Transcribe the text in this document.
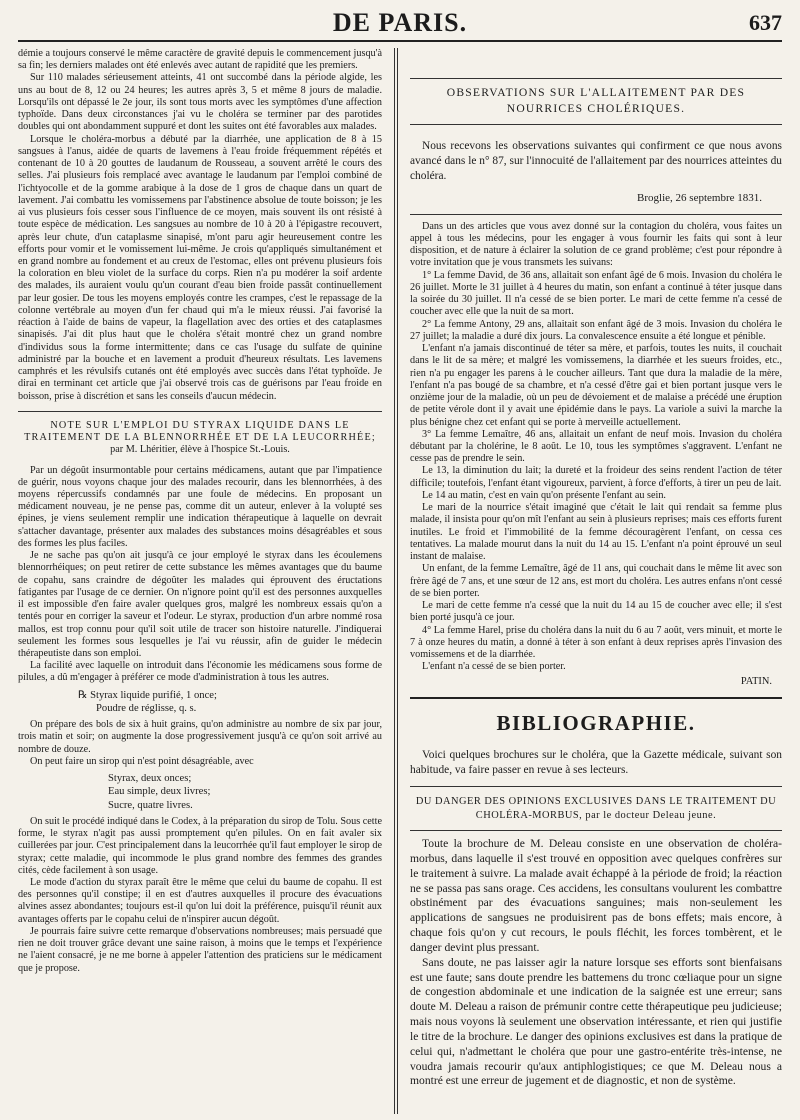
DE PARIS.	637

démie a toujours conservé le même caractère de gravité depuis le commencement jusqu'à sa fin; les derniers malades ont été enlevés avec autant de rapidité que les premiers.

Sur 110 malades sérieusement atteints, 41 ont succombé dans la période algide, les uns au bout de 8, 12 ou 24 heures; les autres après 3, 5 et même 8 jours de maladie. Lorsqu'ils ont dépassé le 2e jour, ils sont tous morts avec les symptômes d'une affection typhoïde. Dans deux circonstances j'ai vu le choléra se terminer par des parotides doubles qui ont abondamment suppuré et dont les suites ont été favorables aux malades.

Lorsque le choléra-morbus a débuté par la diarrhée, une application de 8 à 15 sangsues à l'anus, aidée de quarts de lavemens à l'eau froide fréquemment répétés et contenant de 10 à 20 gouttes de laudanum de Rousseau, a souvent arrêté le cours des selles. J'ai plusieurs fois remplacé avec avantage le laudanum par l'emploi combiné de l'ichtyocolle et de la gomme arabique à la dose de 1 gros de chaque dans un quart de lavement. J'ai combattu les vomissemens par l'abstinence absolue de toute boisson; je les ai vus plusieurs fois cesser sous l'influence de ce moyen, mais souvent ils ont résisté à toute espèce de médication. Les sangsues au nombre de 10 à 20 à l'épigastre recouvert, après leur chute, d'un cataplasme sinapisé, m'ont paru agir heureusement contre les efforts pour vomir et le vomissement lui-même. Je crois qu'appliqués simultanément et en grand nombre au fondement et au creux de l'estomac, elles ont prévenu plusieurs fois la coloration en bleu violet de la surface du corps. Rien n'a pu modérer la soif ardente des malades, ils auraient voulu qu'un courant d'eau bien froide passât continuellement par leur gosier. De tous les moyens employés contre les crampes, c'est le repassage de la colonne vertébrale au moyen d'un fer chaud qui m'a le mieux réussi. J'ai favorisé la réaction à l'aide de bains de vapeur, la flagellation avec des orties et des cataplasmes sinapisés. J'ai dit plus haut que le choléra s'était montré chez un grand nombre d'individus sous la forme intermittente; dans ce cas l'usage du sulfate de quinine administré par la bouche et en lavement a produit d'heureux résultats. Les lavemens camphrés et les révulsifs cutanés ont été employés avec succès dans l'état typhoïde. Je dirai en terminant cet article que j'ai observé trois cas de guérisons par l'eau froide en boisson, prise à discrétion et sans les conseils d'aucun médecin.

NOTE SUR L'EMPLOI DU STYRAX LIQUIDE DANS LE TRAITEMENT DE LA BLENNORRHÉE ET DE LA LEUCORRHÉE;

par M. Lhéritier, élève à l'hospice St.-Louis.

Par un dégoût insurmontable pour certains médicamens, autant que par l'impatience de guérir, nous voyons chaque jour des malades recourir, dans les blennorrhées, à des moyens répercussifs condamnés par une foule de médecins. En proposant un médicament nouveau, je ne pense pas, comme dit un auteur, enlever à la volupté ses épines, je viens seulement remplir une indication thérapeutique à laquelle on devrait s'attacher davantage, présenter aux malades des substances moins désagréables et sous des formes les plus faciles.

Je ne sache pas qu'on ait jusqu'à ce jour employé le styrax dans les écoulemens blennorrhéiques; on peut retirer de cette substance les mêmes avantages que du baume de copahu, sans craindre de dégoûter les malades qui éprouvent des éructations fatigantes par l'usage de ce dernier. On n'ignore point qu'il est des personnes auxquelles il est impossible d'en faire avaler quelques gros, malgré les nombreux essais qu'on a tentés pour en corriger la saveur et l'odeur. Le styrax, production d'un arbre nommé rosa mallos, est trop connu pour qu'il soit utile de tracer son histoire naturelle. J'indiquerai seulement les formes sous lesquelles je l'ai vu réussir, afin de guider le médecin thérapeutiste dans son emploi.

La facilité avec laquelle on introduit dans l'économie les médicamens sous forme de pilules, a dû m'engager à préférer ce mode d'administration à tous les autres.

℞ Styrax liquide purifié, 1 once;
Poudre de réglisse, q. s.

On prépare des bols de six à huit grains, qu'on administre au nombre de six par jour, trois matin et soir; on augmente la dose progressivement jusqu'à ce qu'on soit arrivé au nombre de douze.

On peut faire un sirop qui n'est point désagréable, avec

Styrax, deux onces;
Eau simple, deux livres;
Sucre, quatre livres.

On suit le procédé indiqué dans le Codex, à la préparation du sirop de Tolu. Sous cette forme, le styrax n'agit pas aussi promptement qu'en pilules. On en fait avaler six cuillerées par jour. C'est principalement dans la leucorrhée qu'il faut employer le sirop de styrax; cette maladie, qui incommode le plus grand nombre des femmes des grandes cités, cède facilement à son usage.

Le mode d'action du styrax paraît être le même que celui du baume de copahu. Il est des personnes qu'il constipe; il en est d'autres auxquelles il procure des évacuations alvines assez abondantes; toujours est-il qu'on lui doit la préférence, puisqu'il réunit aux avantages offerts par le copahu celui de n'inspirer aucun dégoût.

Je pourrais faire suivre cette remarque d'observations nombreuses; mais persuadé que rien ne doit trouver grâce devant une saine raison, à moins que le temps et l'expérience ne l'aient consacré, je ne me borne à appeler l'attention des praticiens sur le médicament que je propose.

OBSERVATIONS SUR L'ALLAITEMENT PAR DES NOURRICES CHOLÉRIQUES.

Nous recevons les observations suivantes qui confirment ce que nous avons avancé dans le n° 87, sur l'innocuité de l'allaitement par des nourrices atteintes du choléra.

Broglie, 26 septembre 1831.

Dans un des articles que vous avez donné sur la contagion du choléra, vous faites un appel à tous les médecins, pour les engager à vous fournir les faits qui sont à leur disposition, et de nature à éclairer la solution de ce grand problème; c'est pour répondre à votre invitation que je vous transmets les suivans:

1° La femme David, de 36 ans, allaitait son enfant âgé de 6 mois. Invasion du choléra le 26 juillet. Morte le 31 juillet à 4 heures du matin, son enfant a continué à téter jusque dans la soirée du 30 juillet. Il n'a cessé de se bien porter. Le mari de cette femme n'a cessé de coucher avec elle que la nuit de sa mort.

2° La femme Antony, 29 ans, allaitait son enfant âgé de 3 mois. Invasion du choléra le 27 juillet; la maladie a duré dix jours. La convalescence ensuite a été longue et pénible.

L'enfant n'a jamais discontinué de téter sa mère, et parfois, toutes les nuits, il couchait dans le lit de sa mère; et malgré les vomissemens, la diarrhée et les sueurs froides, etc., rien n'a pu engager les parens à le coucher ailleurs. Tant que dura la maladie de la mère, l'enfant n'a pas bougé de sa chambre, et n'a cessé d'être gai et bien portant jusque vers le onzième jour de la maladie, où un peu de dévoiement et de malaise a précédé une éruption de petite vérole dont il y avait une épidémie dans le pays. La variole a suivi la marche la plus bénigne chez cet enfant qui se porte à merveille actuellement.

3° La femme Lemaître, 46 ans, allaitait un enfant de neuf mois. Invasion du choléra débutant par la cholérine, le 8 août. Le 10, tous les symptômes s'aggravent. L'enfant ne cesse pas de prendre le sein.

Le 13, la diminution du lait; la dureté et la froideur des seins rendent l'action de téter difficile; toutefois, l'enfant étant vigoureux, parvient, à force d'efforts, à tirer un peu de lait.

Le 14 au matin, c'est en vain qu'on présente l'enfant au sein.

Le mari de la nourrice s'était imaginé que c'était le lait qui rendait sa femme plus malade, il insista pour qu'on mît l'enfant au sein à plusieurs reprises; mais ces efforts furent inutiles. Le froid et l'immobilité de la femme découragèrent l'enfant, on cessa ces tentatives. La malade mourut dans la nuit du 14 au 15. L'enfant n'a point éprouvé un seul instant de malaise.

Un enfant, de la femme Lemaître, âgé de 11 ans, qui couchait dans le même lit avec son frère âgé de 7 ans, et une sœur de 12 ans, est mort du choléra. Les autres enfans n'ont cessé de se bien porter.

Le mari de cette femme n'a cessé que la nuit du 14 au 15 de coucher avec elle; il s'est bien porté jusqu'à ce jour.

4° La femme Harel, prise du choléra dans la nuit du 6 au 7 août, vers minuit, et morte le 7 à onze heures du matin, a donné à téter à son enfant à deux reprises après l'invasion des vomissemens et de la diarrhée.

L'enfant n'a cessé de se bien porter.

PATIN.
BIBLIOGRAPHIE.

Voici quelques brochures sur le choléra, que la Gazette médicale, suivant son habitude, va faire passer en revue à ses lecteurs.

DU DANGER DES OPINIONS EXCLUSIVES DANS LE TRAITEMENT DU CHOLÉRA-MORBUS, par le docteur Deleau jeune.

Toute la brochure de M. Deleau consiste en une observation de choléra-morbus, dans laquelle il s'est trouvé en opposition avec quelques confrères sur le traitement à suivre. La malade avait échappé à la période de froid; la réaction ne se passa pas sans orage. Ces accidens, les consultans voulurent les combattre obstinément par des évacuations sanguines; mais non-seulement les applications de sangsues ne produisirent pas de bons effets; mais encore, à chaque fois qu'on y cut recours, le pouls fléchit, les forces tombèrent, et le danger devint plus pressant.

Sans doute, ne pas laisser agir la nature lorsque ses efforts sont bienfaisans est une faute; sans doute prendre les battemens du tronc cœliaque pour un signe de congestion abdominale et une indication de la saignée est une erreur; sans doute M. Deleau a raison de prémunir contre cette thérapeutique peu judicieuse; mais nous voyons là seulement une observation intéressante, et rien qui justifie le titre de la brochure. Le danger des opinions exclusives est dans la pratique de celui qui, n'admettant le choléra que pour une gastro-entérite très-intense, ne voudra jamais recourir qu'aux antiphlogistiques; ce que M. Deleau nous a montré est une erreur de jugement et de diagnostic, et non de système.
